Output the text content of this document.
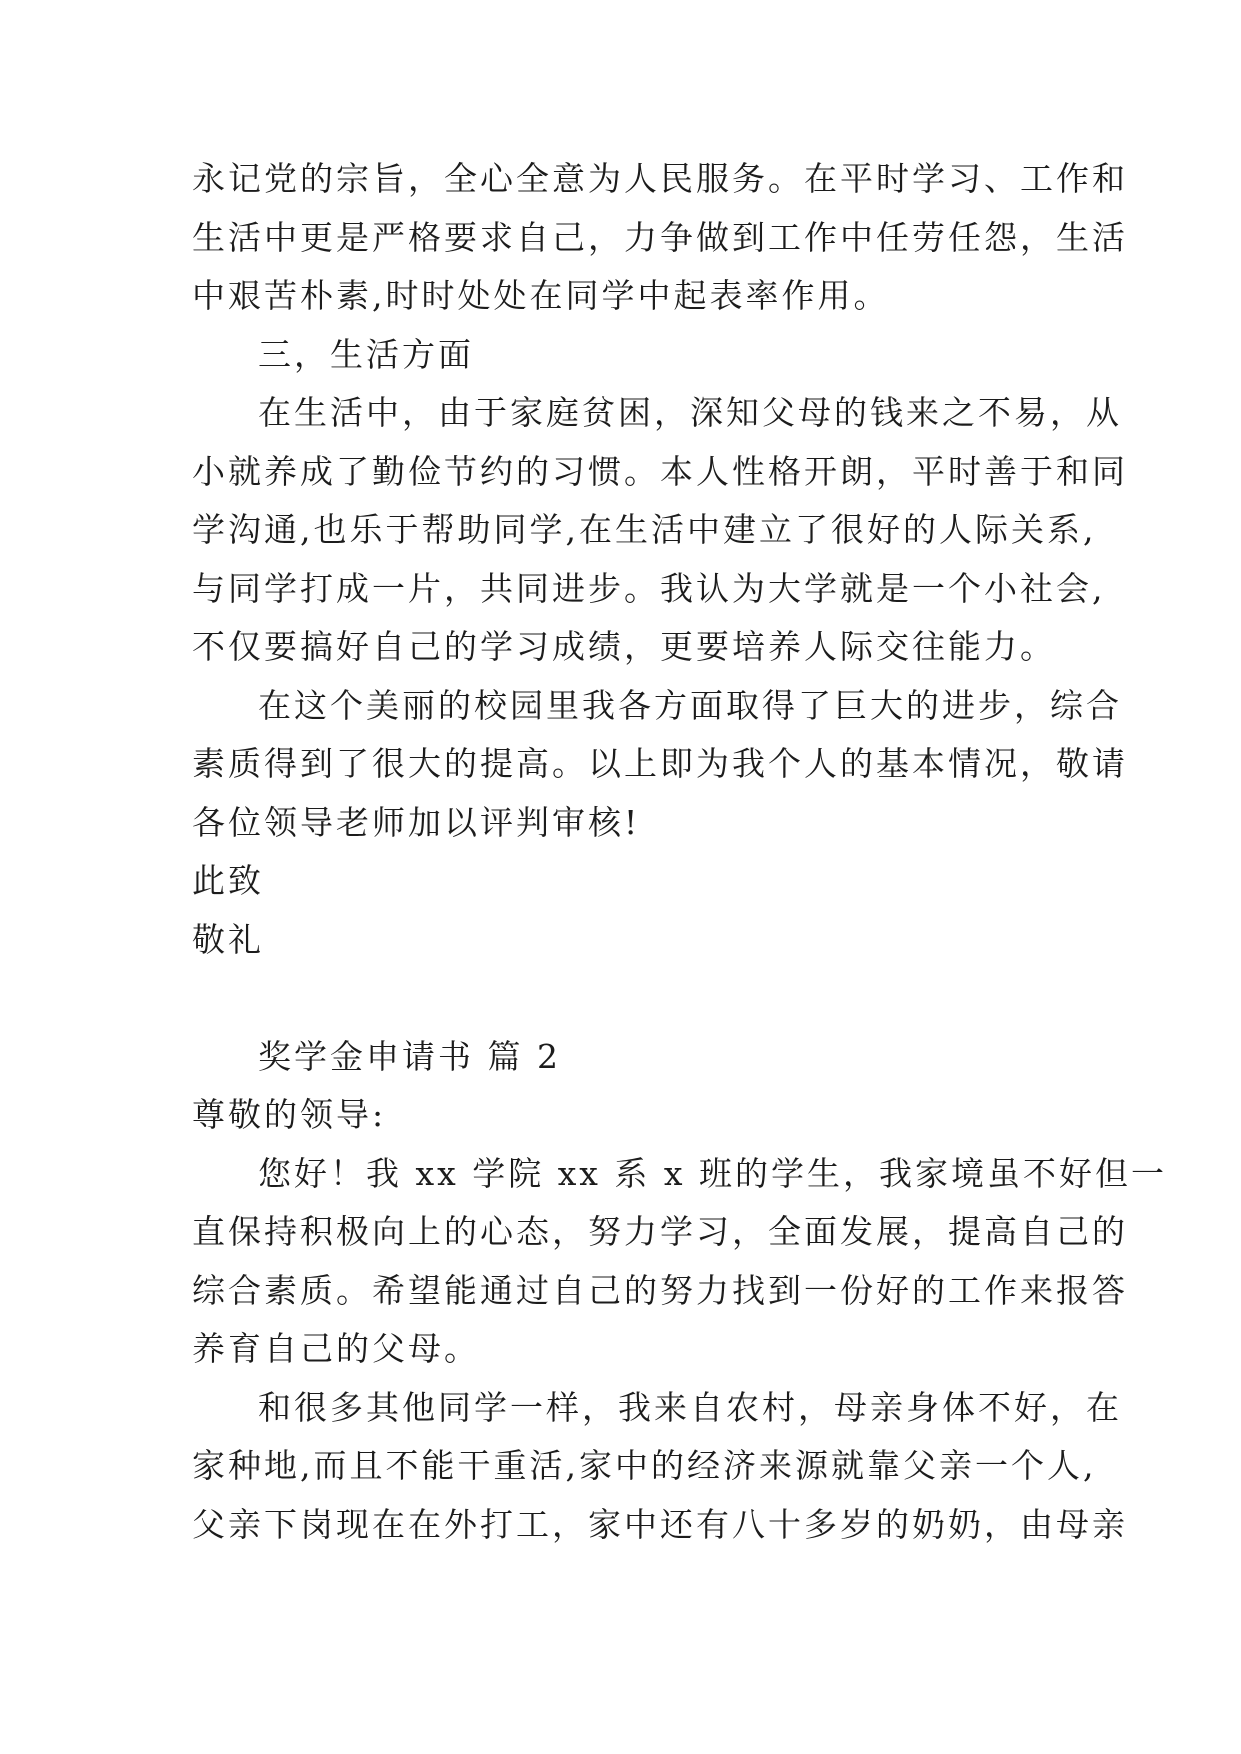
永记党的宗旨，全心全意为人民服务。在平时学习、工作和
生活中更是严格要求自己，力争做到工作中任劳任怨，生活
中艰苦朴素,时时处处在同学中起表率作用。
三，生活方面
在生活中，由于家庭贫困，深知父母的钱来之不易，从
小就养成了勤俭节约的习惯。本人性格开朗，平时善于和同
学沟通,也乐于帮助同学,在生活中建立了很好的人际关系,
与同学打成一片，共同进步。我认为大学就是一个小社会,
不仅要搞好自己的学习成绩，更要培养人际交往能力。
在这个美丽的校园里我各方面取得了巨大的进步，综合
素质得到了很大的提高。以上即为我个人的基本情况，敬请
各位领导老师加以评判审核!
此致
敬礼
奖学金申请书 篇 2
尊敬的领导:
您好！我 xx 学院 xx 系 x 班的学生，我家境虽不好但一
直保持积极向上的心态，努力学习，全面发展，提高自己的
综合素质。希望能通过自己的努力找到一份好的工作来报答
养育自己的父母。
和很多其他同学一样，我来自农村，母亲身体不好，在
家种地,而且不能干重活,家中的经济来源就靠父亲一个人,
父亲下岗现在在外打工，家中还有八十多岁的奶奶，由母亲
